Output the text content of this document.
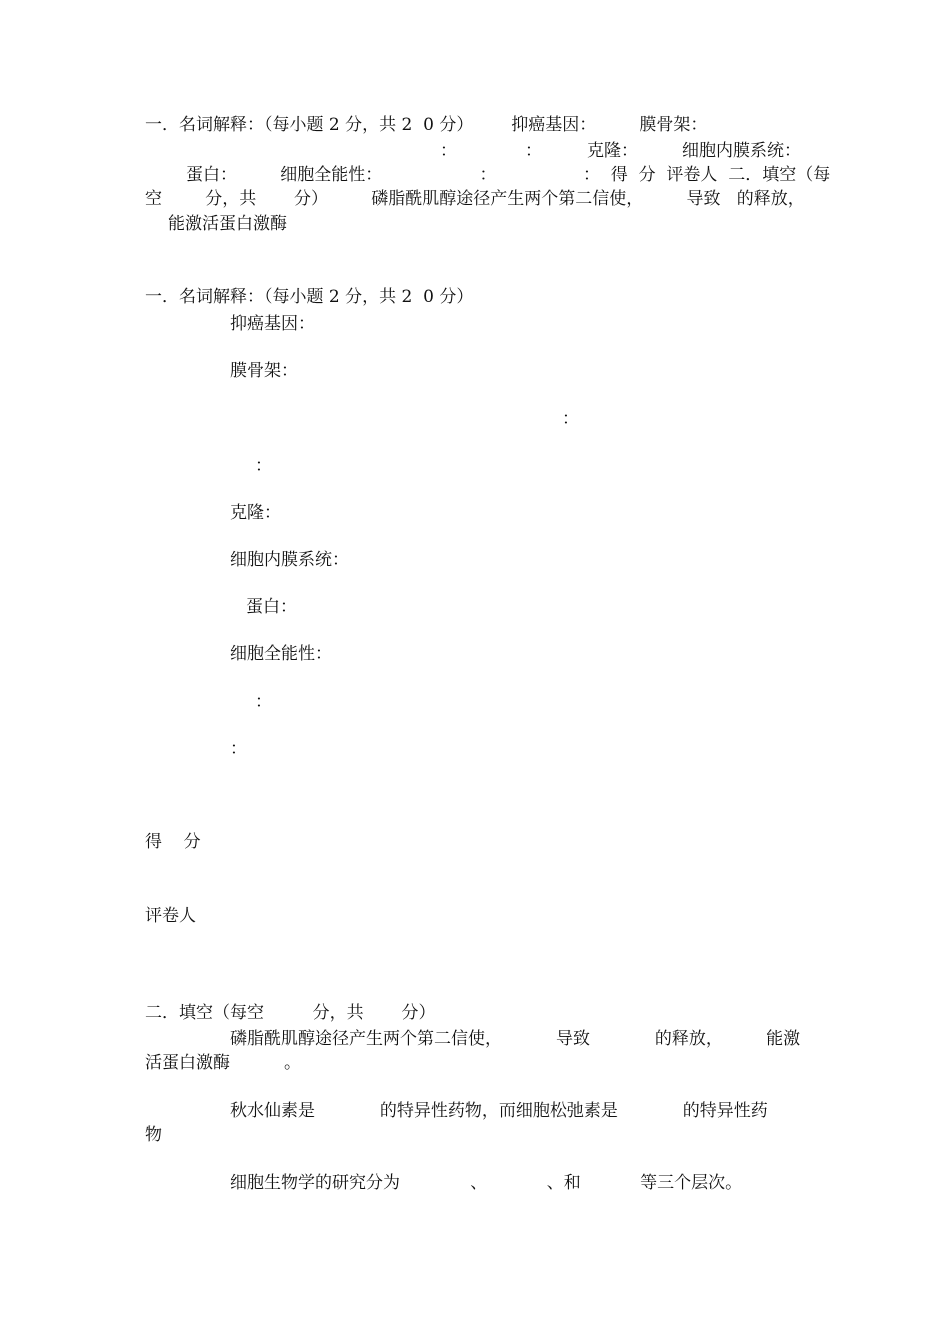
一．名词解释：（每小题 2 分，共 2  0 分）       抑癌基因：        膜骨架：
：	：	克隆：	细胞内膜系统：
蛋白：        细胞全能性：                  ：                ：  得  分  评卷人  二．填空（每
空        分，共       分）        磷脂酰肌醇途径产生两个第二信使，        导致   的释放，
能激活蛋白激酶
一．名词解释：（每小题 2 分，共 2  0 分）
抑癌基因：
膜骨架：
：
：
克隆：
细胞内膜系统：
蛋白：
细胞全能性：
：
：
得    分
评卷人
二．填空（每空         分，共       分）
磷脂酰肌醇途径产生两个第二信使，          导致            的释放，        能激
活蛋白激酶          。
秋水仙素是            的特异性药物，而细胞松弛素是            的特异性药
物
细胞生物学的研究分为             、           、和           等三个层次。
